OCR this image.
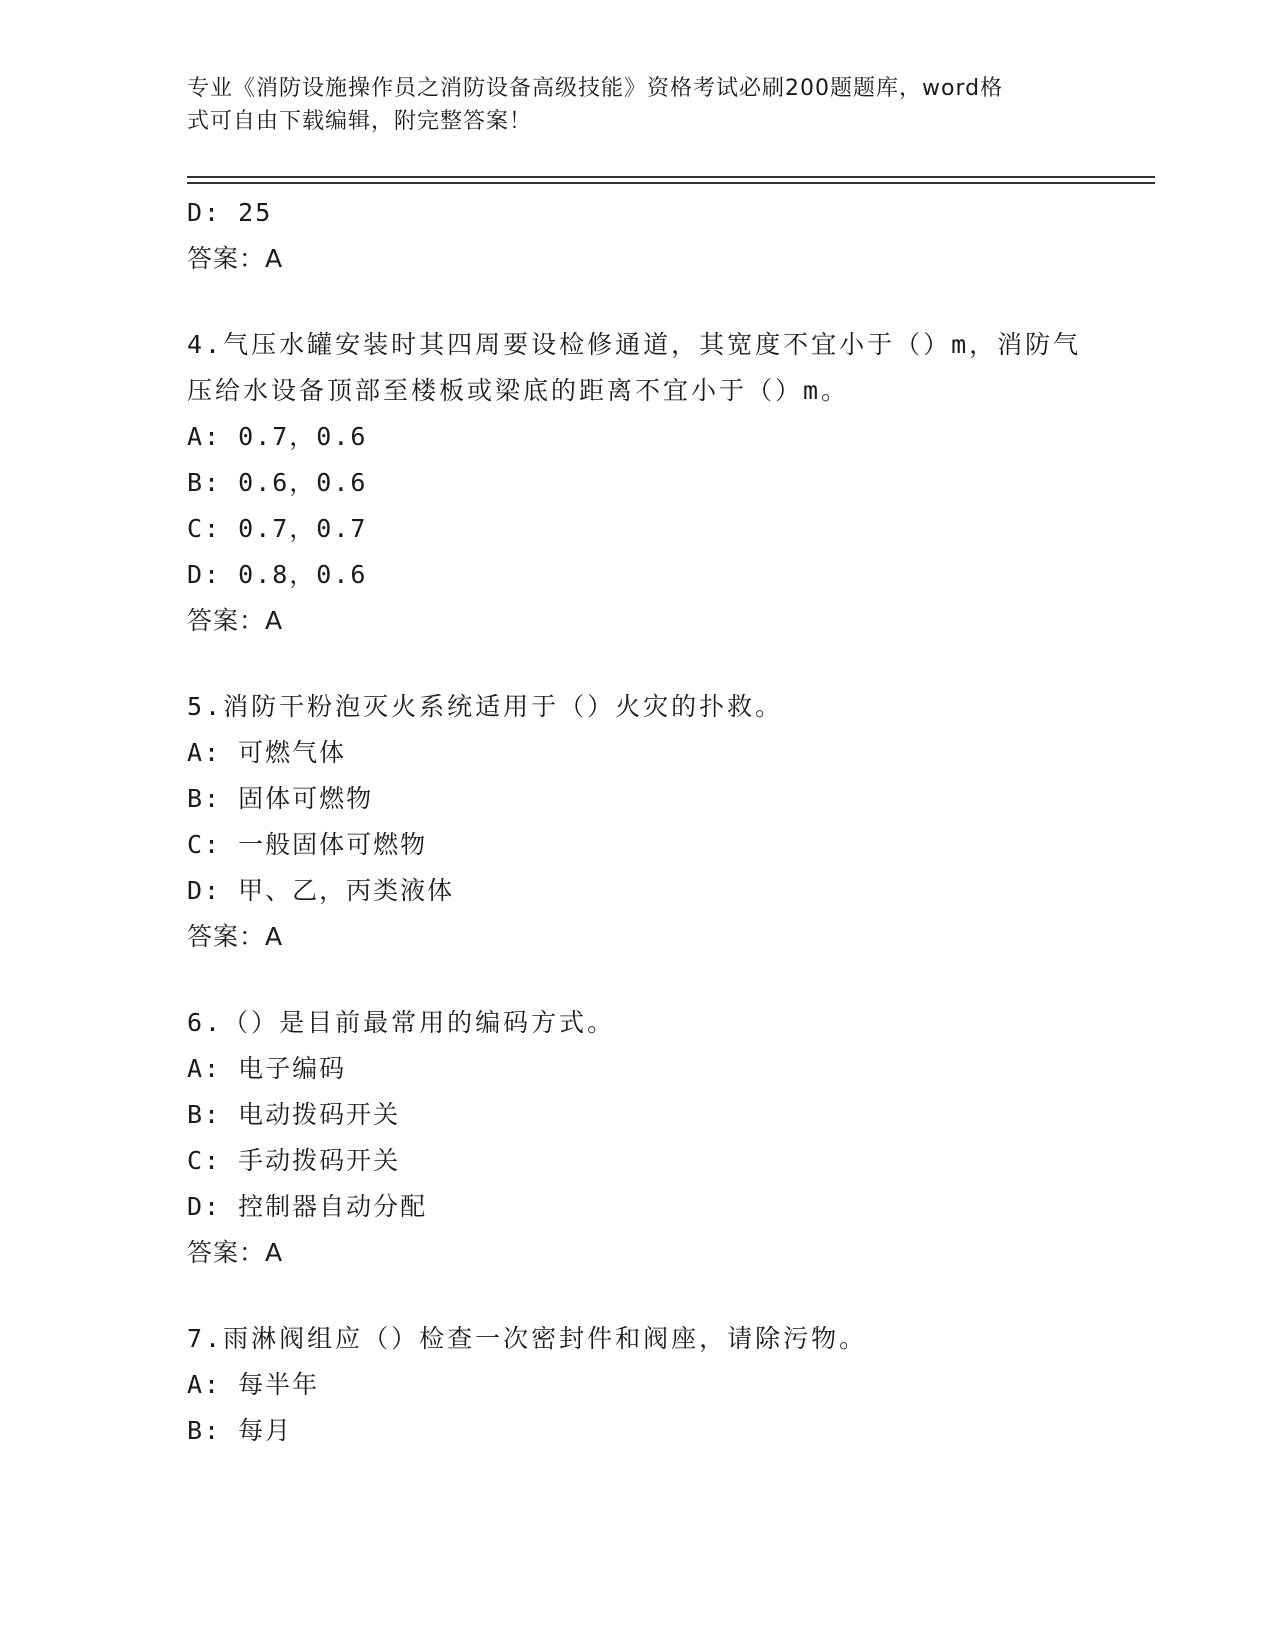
专业《消防设施操作员之消防设备高级技能》资格考试必刷200题题库，word格
式可自由下载编辑，附完整答案！
D: 25
答案：A
4.气压水罐安装时其四周要设检修通道，其宽度不宜小于（）m，消防气压给水设备顶部至楼板或梁底的距离不宜小于（）m。
A: 0.7，0.6
B: 0.6，0.6
C: 0.7，0.7
D: 0.8，0.6
答案：A
5.消防干粉泡灭火系统适用于（）火灾的扑救。
A: 可燃气体
B: 固体可燃物
C: 一般固体可燃物
D: 甲、乙，丙类液体
答案：A
6.（）是目前最常用的编码方式。
A: 电子编码
B: 电动拨码开关
C: 手动拨码开关
D: 控制器自动分配
答案：A
7.雨淋阀组应（）检查一次密封件和阀座，请除污物。
A: 每半年
B: 每月
